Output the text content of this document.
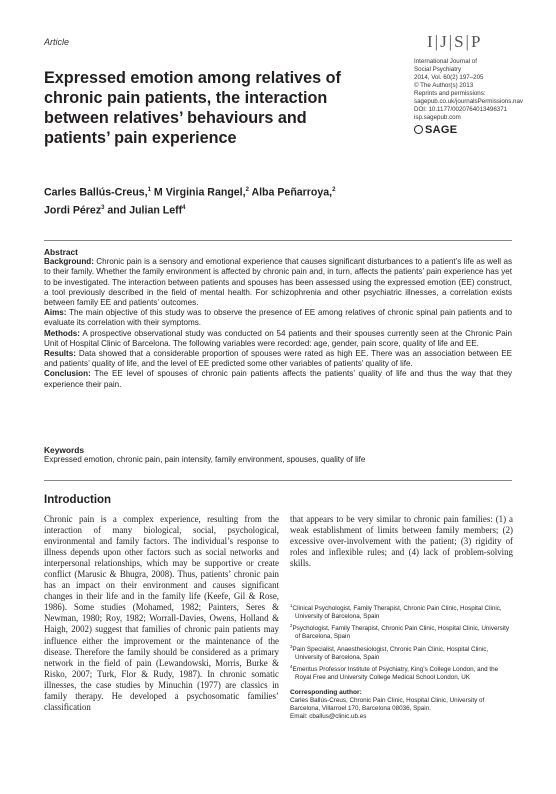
Article	I|J|S|P
International Journal of
Social Psychiatry
2014, Vol. 60(2) 197–205
© The Author(s) 2013
Reprints and permissions:
sagepub.co.uk/journalsPermissions.nav
DOI: 10.1177/0020764013496371
isp.sagepub.com
SAGE
Expressed emotion among relatives of chronic pain patients, the interaction between relatives’ behaviours and patients’ pain experience
Carles Ballús-Creus,$^1$ M Virginia Rangel,$^2$ Alba Peñarroya,$^2$
Jordi Pérez$^3$ and Julian Leff$^4$
Abstract

Background: Chronic pain is a sensory and emotional experience that causes significant disturbances to a patient’s life as well as to their family. Whether the family environment is affected by chronic pain and, in turn, affects the patients’ pain experience has yet to be investigated. The interaction between patients and spouses has been assessed using the expressed emotion (EE) construct, a tool previously described in the field of mental health. For schizophrenia and other psychiatric illnesses, a correlation exists between family EE and patients’ outcomes.

Aims: The main objective of this study was to observe the presence of EE among relatives of chronic spinal pain patients and to evaluate its correlation with their symptoms.

Methods: A prospective observational study was conducted on 54 patients and their spouses currently seen at the Chronic Pain Unit of Hospital Clinic of Barcelona. The following variables were recorded: age, gender, pain score, quality of life and EE.

Results: Data showed that a considerable proportion of spouses were rated as high EE. There was an association between EE and patients’ quality of life, and the level of EE predicted some other variables of patients’ quality of life.

Conclusion: The EE level of spouses of chronic pain patients affects the patients’ quality of life and thus the way that they experience their pain.

Keywords
Expressed emotion, chronic pain, pain intensity, family environment, spouses, quality of life
Introduction

Chronic pain is a complex experience, resulting from the interaction of many biological, social, psychological, environmental and family factors. The individual’s response to illness depends upon other factors such as social networks and interpersonal relationships, which may be supportive or create conflict (Marusic & Bhugra, 2008). Thus, patients’ chronic pain has an impact on their environment and causes significant changes in their life and in the family life (Keefe, Gil & Rose, 1986). Some studies (Mohamed, 1982; Painters, Seres & Newman, 1980; Roy, 1982; Worrall-Davies, Owens, Holland & Haigh, 2002) suggest that families of chronic pain patients may influence either the improvement or the maintenance of the disease. Therefore the family should be considered as a primary network in the field of pain (Lewandowski, Morris, Burke & Risko, 2007; Turk, Flor & Rudy, 1987). In chronic somatic illnesses, the case studies by Minuchin (1977) are classics in family therapy. He developed a psychosomatic families’ classification

that appears to be very similar to chronic pain families: (1) a weak establishment of limits between family members; (2) excessive over-involvement with the patient; (3) rigidity of roles and inflexible rules; and (4) lack of problem-solving skills.

$^1$Clinical Psychologist, Family Therapist, Chronic Pain Clinic, Hospital Clinic, University of Barcelona, Spain
$^2$Psychologist, Family Therapist, Chronic Pain Clinic, Hospital Clinic, University of Barcelona, Spain
$^3$Pain Specialist, Anaesthesiologist, Chronic Pain Clinic, Hospital Clinic, University of Barcelona, Spain
$^4$Emeritus Professor Institute of Psychiatry, King’s College London, and the Royal Free and University College Medical School London, UK
Corresponding author:
Carles Ballús-Creus, Chronic Pain Clinic, Hospital Clinic, University of Barcelona, Villarroel 170, Barcelona 08036, Spain.
Email: cballus@clinic.ub.es
